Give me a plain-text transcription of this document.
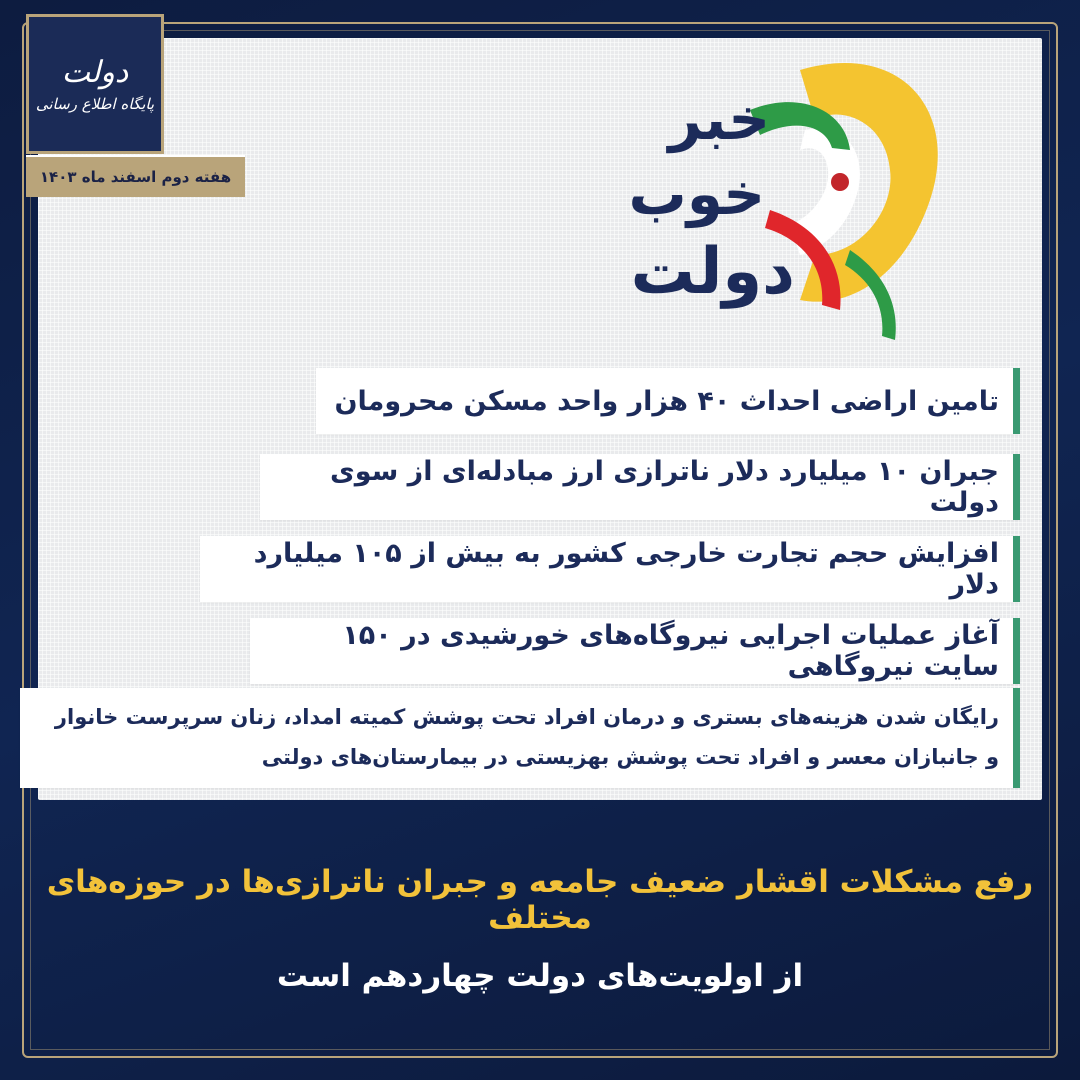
دولت
پایگاه اطلاع رسانی
هفته دوم اسفند ماه ۱۴۰۳
خبر
خوب
دولت
تامین اراضی احداث ۴۰ هزار واحد مسکن محرومان
جبران ۱۰ میلیارد دلار ناترازی ارز مبادله‌ای از سوی دولت
افزایش حجم تجارت خارجی کشور به بیش از ۱۰۵ میلیارد دلار
آغاز عملیات اجرایی نیروگاه‌های خورشیدی در ۱۵۰ سایت نیروگاهی
رایگان شدن هزینه‌های بستری و درمان افراد تحت پوشش کمیته امداد، زنان سرپرست خانوار و جانبازان معسر و افراد تحت پوشش بهزیستی در بیمارستان‌های دولتی
رفع مشکلات اقشار ضعیف جامعه و جبران ناترازی‌ها در حوزه‌های مختلف
از اولویت‌های دولت چهاردهم است
